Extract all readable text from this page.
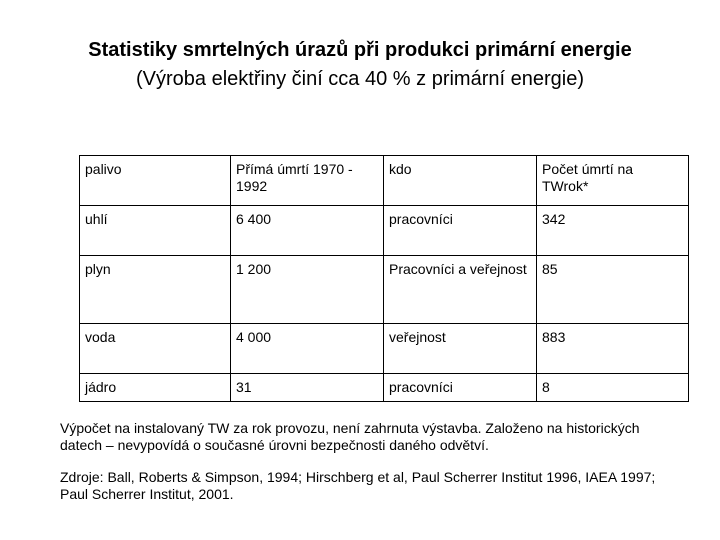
Statistiky smrtelných úrazů při produkci primární energie
(Výroba elektřiny činí cca 40 % z primární energie)
palivo	Přímá úmrtí 1970 - 1992	kdo	Počet úmrtí na TWrok*
uhlí	6 400	pracovníci	342
plyn	1 200	Pracovníci a veřejnost	85
voda	4 000	veřejnost	883
jádro	31	pracovníci	8
Výpočet na instalovaný TW za rok provozu, není zahrnuta výstavba. Založeno na historických datech – nevypovídá o současné úrovni bezpečnosti daného odvětví.
Zdroje: Ball, Roberts & Simpson, 1994; Hirschberg et al, Paul Scherrer Institut 1996, IAEA 1997; Paul Scherrer Institut, 2001.
